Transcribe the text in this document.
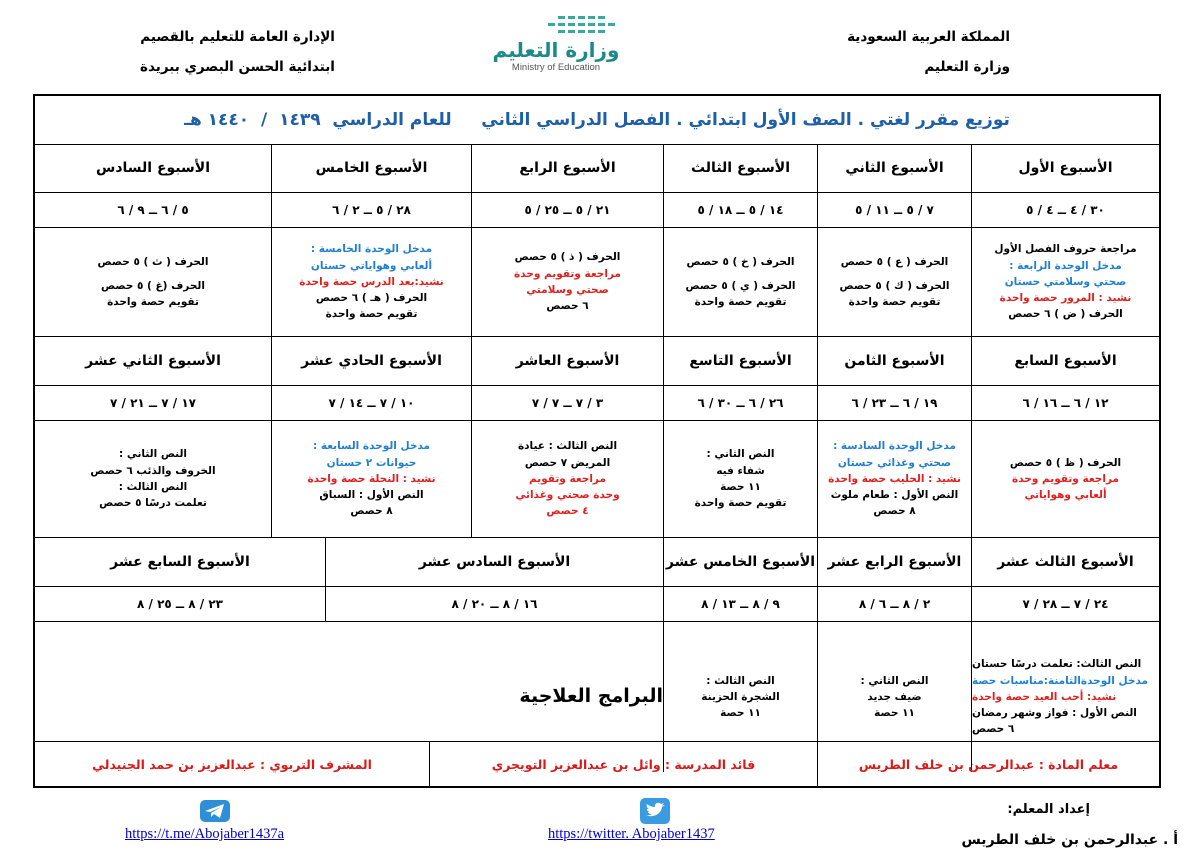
المملكة العربية السعودية
وزارة التعليم
وزارة التعليم
Ministry of Education
الإدارة العامة للتعليم بالقصيم
ابتدائية الحسن البصري ببريدة
توزيع مقرر لغتي . الصف الأول ابتدائي . الفصل الدراسي الثاني     للعام الدراسي  ١٤٣٩  /  ١٤٤٠ هـ
الأسبوع الأول
الأسبوع الثاني
الأسبوع الثالث
الأسبوع الرابع
الأسبوع الخامس
الأسبوع السادس
٣٠ / ٤ ــ ٤ / ٥
٧ / ٥ ــ ١١ / ٥
١٤ / ٥ ــ ١٨ / ٥
٢١ / ٥ ــ ٢٥ / ٥
٢٨ / ٥ ــ ٢ / ٦
٥ / ٦ ــ ٩ / ٦
مراجعة حروف الفصل الأول
مدخل الوحدة الرابعة :
صحتي وسلامتي حستان
نشيد : المرور حصة واحدة
الحرف ( ض ) ٦ حصص
الحرف ( ع ) ٥ حصص
الحرف ( ك ) ٥ حصص
تقويم حصة واحدة
الحرف ( خ ) ٥ حصص
الحرف ( ي ) ٥ حصص
تقويم حصة واحدة
الحرف ( ذ ) ٥ حصص
مراجعة وتقويم وحدة
صحتي وسلامتي
٦ حصص
مدخل الوحدة الخامسة :
ألعابي وهواياتي حستان
نشيد:بعد الدرس حصة واحدة
الحرف ( هـ ) ٦ حصص
تقويم حصة واحدة
الحرف ( ث ) ٥ حصص
الحرف (غ ) ٥ حصص
تقويم حصة واحدة
الأسبوع السابع
الأسبوع الثامن
الأسبوع التاسع
الأسبوع العاشر
الأسبوع الحادي عشر
الأسبوع الثاني عشر
١٢ / ٦ ــ ١٦ / ٦
١٩ / ٦ ــ ٢٣ / ٦
٢٦ / ٦ ــ ٣٠ / ٦
٣ / ٧ ــ ٧ / ٧
١٠ / ٧ ــ ١٤ / ٧
١٧ / ٧ ــ ٢١ / ٧
الحرف ( ظ ) ٥ حصص
مراجعة وتقويم وحدة
ألعابي وهواياتي
مدخل الوحدة السادسة :
صحتي وغذائي حستان
نشيد : الحليب حصة واحدة
النص الأول : طعام ملوث
٨ حصص
النص الثاني :
شفاء فيه
١١ حصة
تقويم حصة واحدة
النص الثالث : عيادة
المريض ٧ حصص
مراجعة وتقويم
وحدة صحتي وغذائي
٤ حصص
مدخل الوحدة السابعة :
حيوانات ٢ حستان
نشيد : النحلة حصة واحدة
النص الأول : السباق
٨ حصص
النص الثاني :
الخروف والذئب ٦ حصص
النص الثالث :
تعلمت درسًا ٥ حصص
الأسبوع الثالث عشر
الأسبوع الرابع عشر
الأسبوع الخامس عشر
الأسبوع السادس عشر
الأسبوع السابع عشر
٢٤ / ٧ ــ ٢٨ / ٧
٢ / ٨ ــ ٦ / ٨
٩ / ٨ ــ ١٣ / ٨
١٦ / ٨ ــ ٢٠ / ٨
٢٣ / ٨ ــ ٢٥ / ٨
النص الثالث: تعلمت درسًا حستان
مدخل الوحدةالثامنة:مناسبات حصة
نشيد: أحب العيد حصة واحدة
النص الأول : فواز وشهر رمضان
٦ حصص
النص الثاني :
ضيف جديد
١١ حصة
النص الثالث :
الشجرة الحزينة
١١ حصة
البرامج العلاجية
معلم المادة : عبدالرحمن بن خلف الطريس
قائد المدرسة : وائل بن عبدالعزيز التويجري
المشرف التربوي : عبدالعزيز بن حمد الجنيدلي
https://t.me/Abojaber1437a	https://twitter. Abojaber1437
إعداد المعلم:
أ . عبدالرحمن بن خلف الطريس
